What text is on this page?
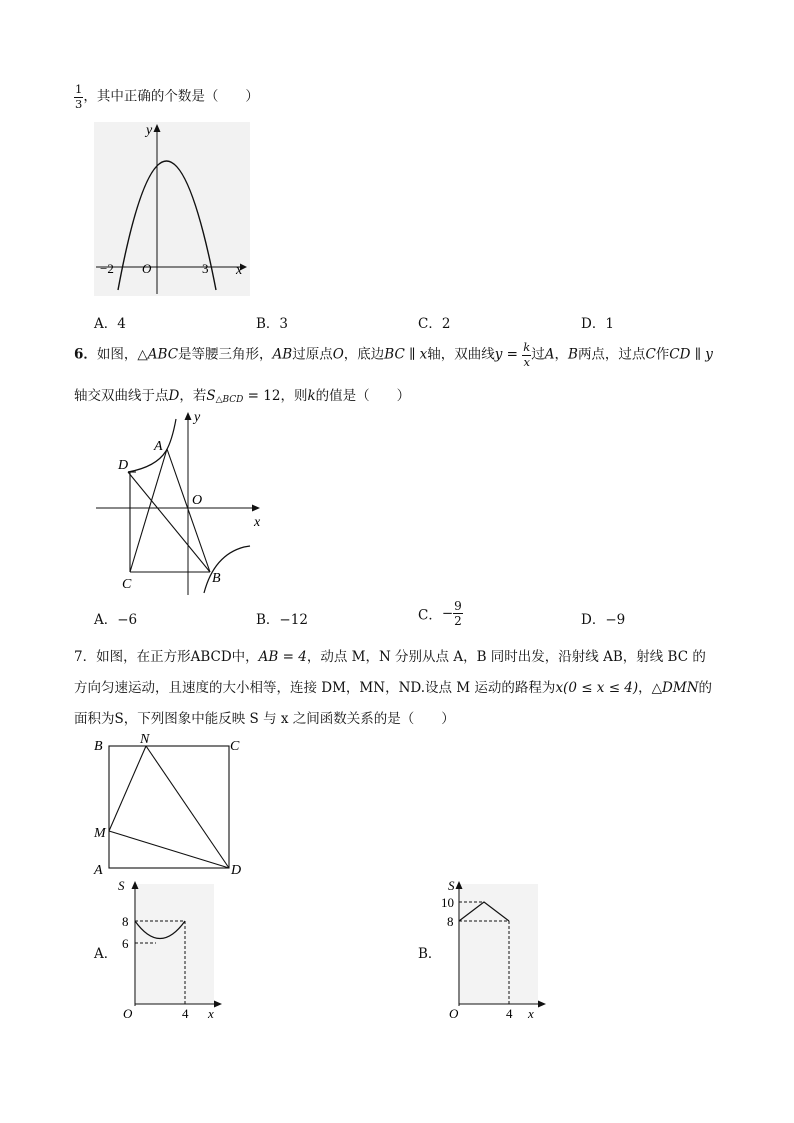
$\frac{1}{3}$ ，其中正确的个数是（　　）
y
x
O
−2	3
A．4	B．3	C．2	D．1
6．如图，△ABC是等腰三角形，AB过原点O，底边BC ∥ x轴，双曲线$y = \frac{k}{x}$ 过A，B两点，过点C作CD ∥ y
轴交双曲线于点D，若$S_{\triangle BCD} = 12$，则k的值是（　　）
y
x
O
A
D
C	B
A．−6	B．−12	C．− $\frac{9}{2}$	D．−9
7．如图，在正方形ABCD中，AB = 4，动点 M，N 分别从点 A，B 同时出发，沿射线 AB，射线 BC 的
方向匀速运动，且速度的大小相等，连接 DM，MN，ND.设点 M 运动的路程为x(0 ≤ x ≤ 4)，△DMN的
面积为S，下列图象中能反映 S 与 x 之间函数关系的是（　　）
B	N	C
M
A	D
A．
S
8
6
O	4 x
B．
S
10
8
O	4 x
